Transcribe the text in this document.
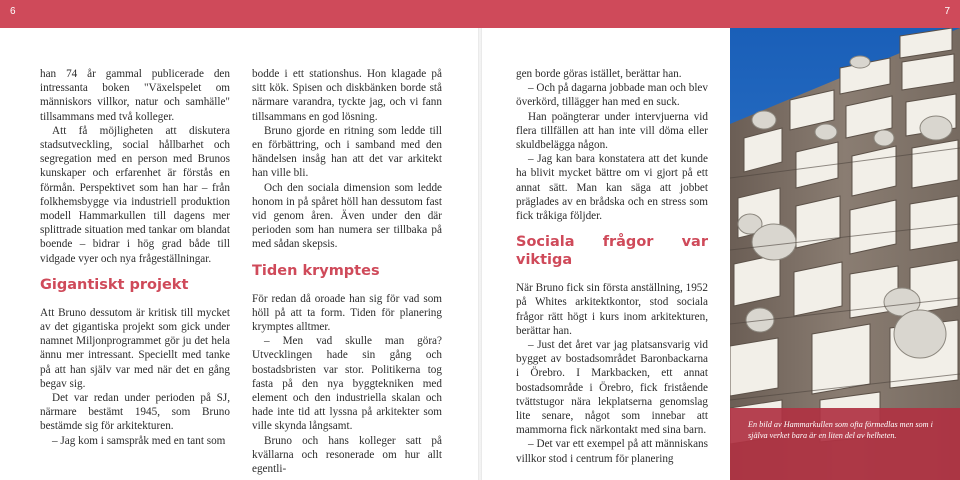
6	7

han 74 år gammal publicerade den intressanta boken "Växelspelet om människors villkor, natur och samhälle" tillsammans med två kolleger.

Att få möjligheten att diskutera stadsutveckling, social hållbarhet och segregation med en person med Brunos kunskaper och erfarenhet är förstås en förmån. Perspektivet som han har – från folkhemsbygge via industriell produktion modell Hammarkullen till dagens mer splittrade situation med tankar om blandat boende – bidrar i hög grad både till vidgade vyer och nya frågeställningar.

Gigantiskt projekt

Att Bruno dessutom är kritisk till mycket av det gigantiska projekt som gick under namnet Miljonprogrammet gör ju det hela ännu mer intressant. Speciellt med tanke på att han själv var med när det en gång begav sig.

Det var redan under perioden på SJ, närmare bestämt 1945, som Bruno bestämde sig för arkitekturen.

– Jag kom i samspråk med en tant som

bodde i ett stationshus. Hon klagade på sitt kök. Spisen och diskbänken borde stå närmare varandra, tyckte jag, och vi fann tillsammans en god lösning.

Bruno gjorde en ritning som ledde till en förbättring, och i samband med den händelsen insåg han att det var arkitekt han ville bli.

Och den sociala dimension som ledde honom in på spåret höll han dessutom fast vid genom åren. Även under den där perioden som han numera ser tillbaka på med sådan skepsis.

Tiden krymptes

För redan då oroade han sig för vad som höll på att ta form. Tiden för planering krymptes alltmer.

– Men vad skulle man göra? Utvecklingen hade sin gång och bostadsbristen var stor. Politikerna tog fasta på den nya byggtekniken med element och den industriella skalan och hade inte tid att lyssna på arkitekter som ville skynda långsamt.

Bruno och hans kolleger satt på kvällarna och resonerade om hur allt egentli-

gen borde göras istället, berättar han.

– Och på dagarna jobbade man och blev överkörd, tillägger han med en suck.

Han poängterar under intervjuerna vid flera tillfällen att han inte vill döma eller skuldbelägga någon.

– Jag kan bara konstatera att det kunde ha blivit mycket bättre om vi gjort på ett annat sätt. Man kan säga att jobbet präglades av en brådska och en stress som fick tråkiga följder.

Sociala frågor var viktiga

När Bruno fick sin första anställning, 1952 på Whites arkitektkontor, stod sociala frågor rätt högt i kurs inom arkitekturen, berättar han.

– Just det året var jag platsansvarig vid bygget av bostadsområdet Baronbackarna i Örebro. I Markbacken, ett annat bostadsområde i Örebro, fick fristående tvättstugor nära lekplatserna genomslag lite senare, något som innebar att mammorna fick närkontakt med sina barn.

– Det var ett exempel på att människans villkor stod i centrum för planering

En bild av Hammarkullen som ofta förmedlas men som i själva verket bara är en liten del av helheten.
